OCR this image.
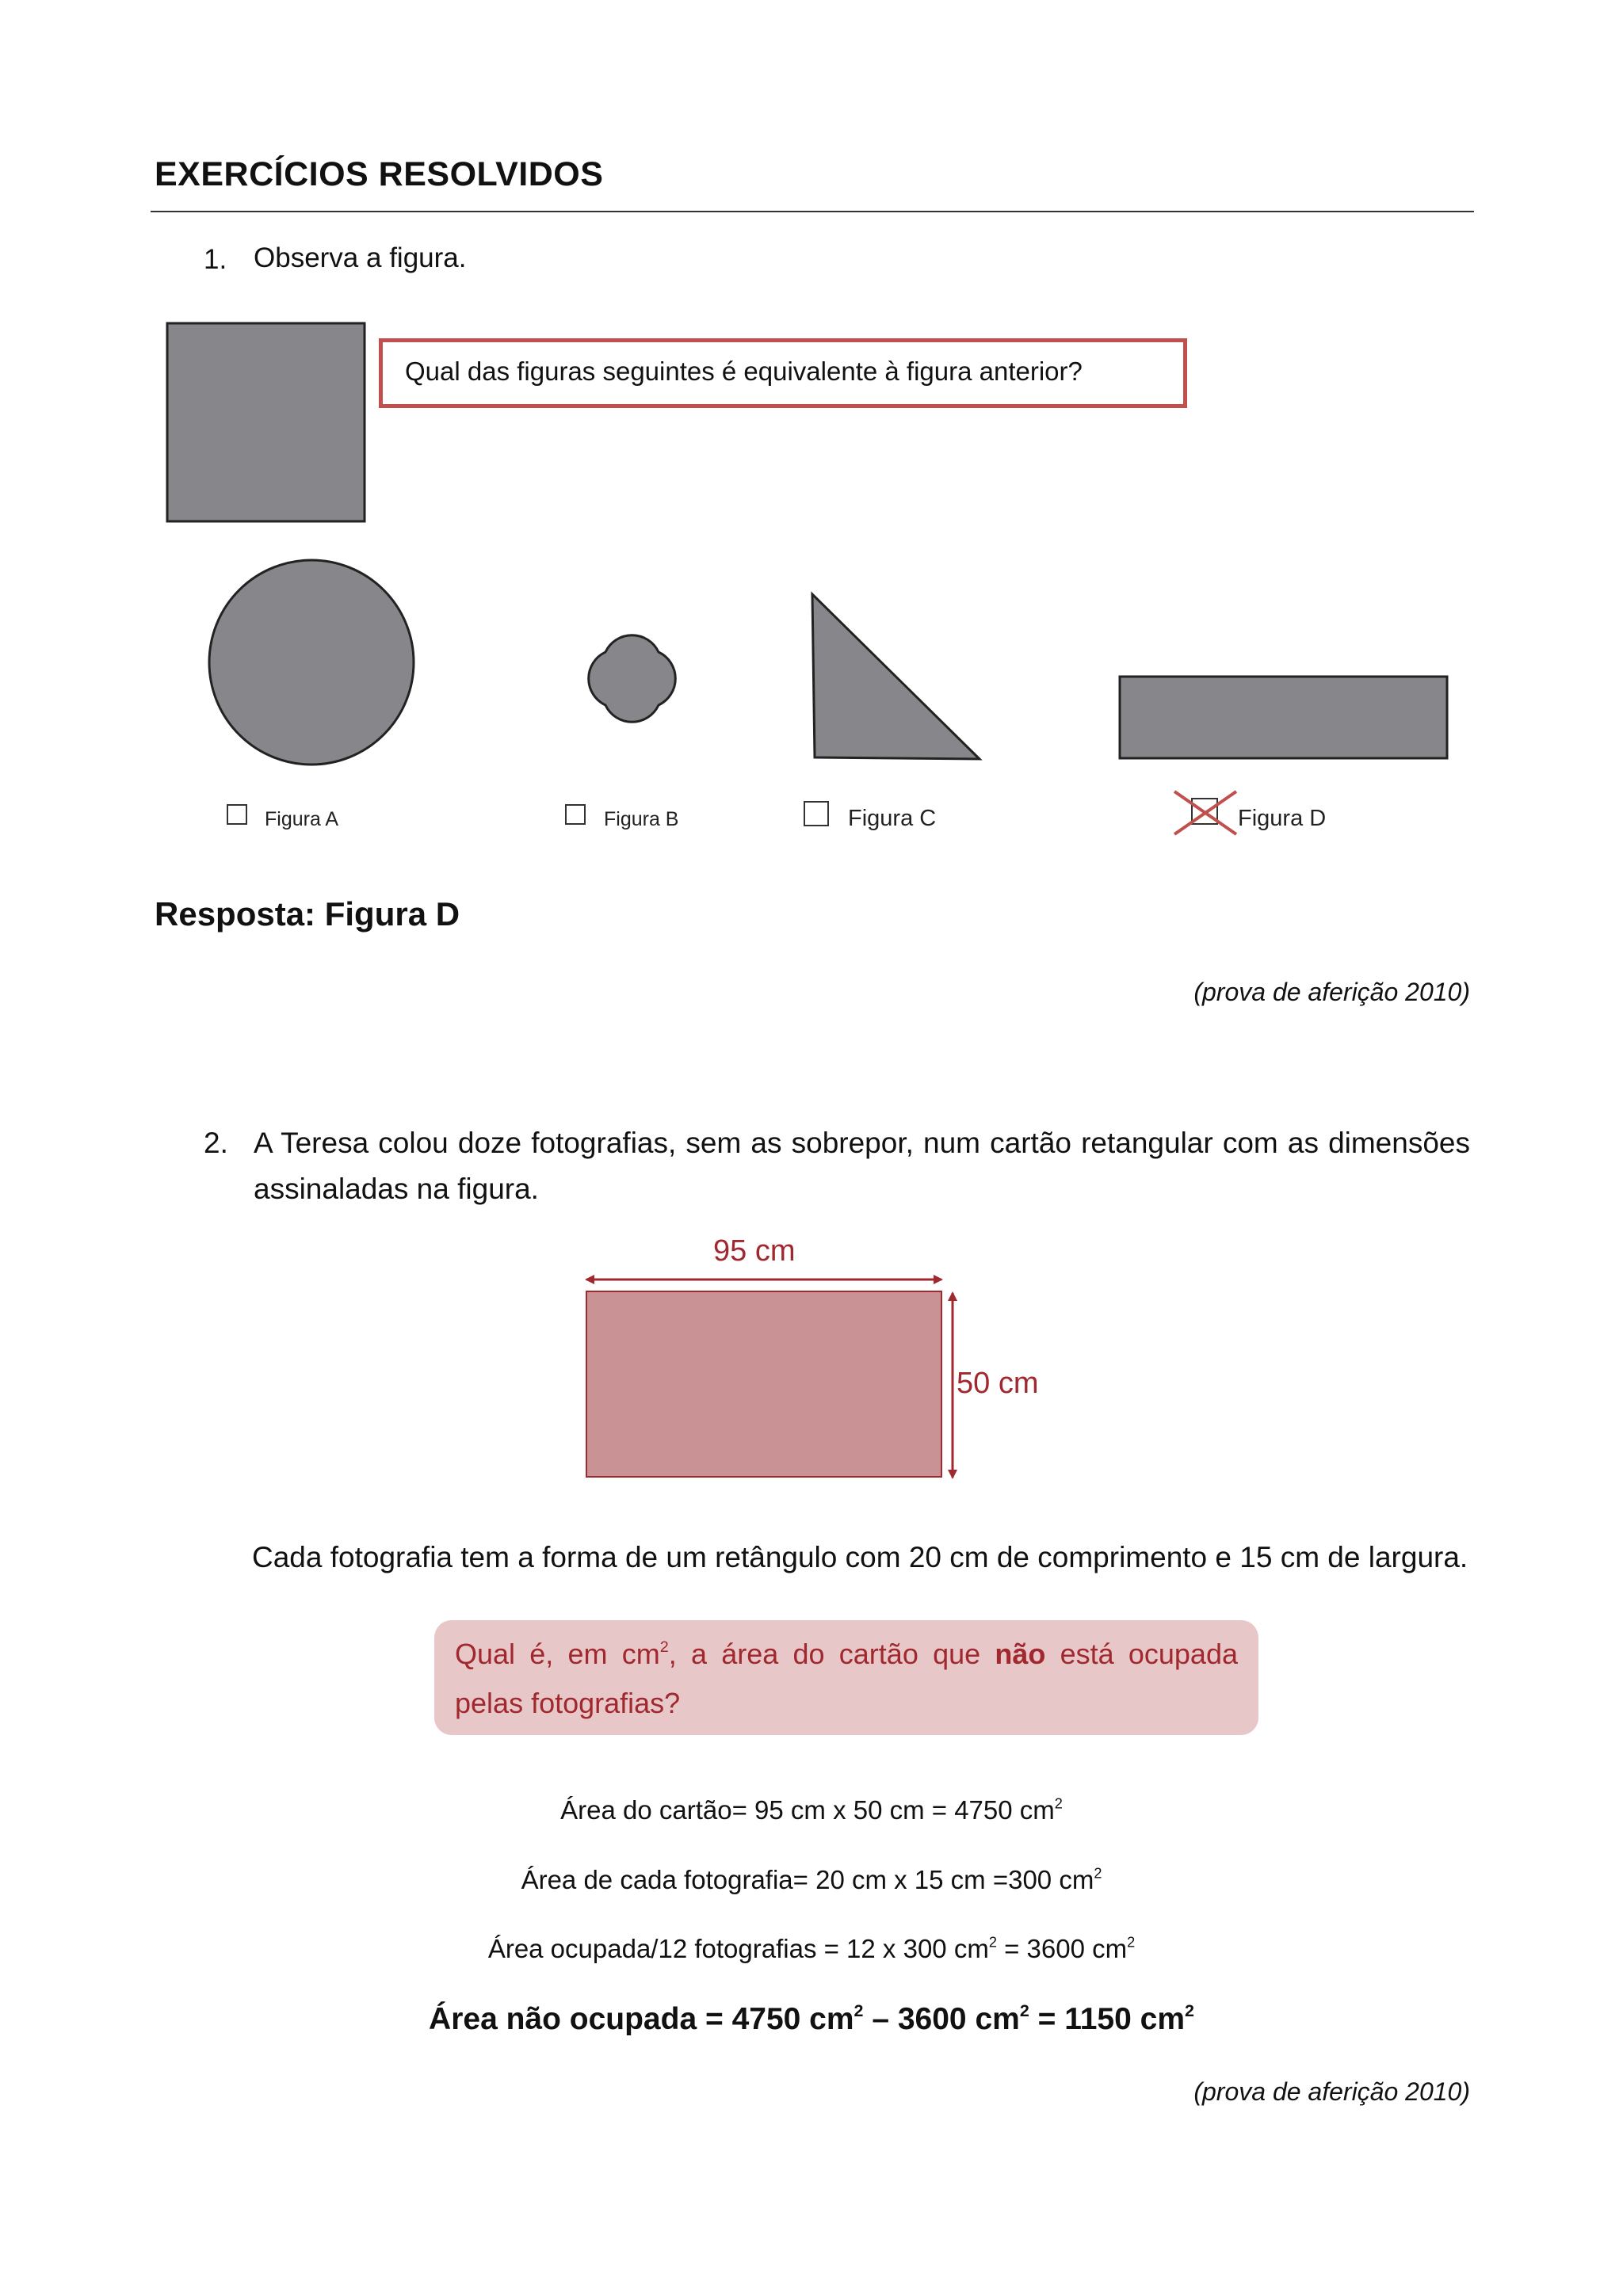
EXERCÍCIOS RESOLVIDOS
1. Observa a figura.
Qual das figuras seguintes é equivalente à figura anterior?
Figura A	Figura B	Figura C	Figura D
Resposta: Figura D
(prova de aferição 2010)
2. A Teresa colou doze fotografias, sem as sobrepor, num cartão retangular com as dimensões assinaladas na figura.
95 cm
50 cm
Cada fotografia tem a forma de um retângulo com 20 cm de comprimento e 15 cm de largura.
Qual é, em $cm^2$, a área do cartão que não está ocupada
pelas fotografias?
Área do cartão= 95 cm x 50 cm = 4750 $cm^2$
Área de cada fotografia= 20 cm x 15 cm =300 $cm^2$
Área ocupada/12 fotografias = 12 x 300 $cm^2 = 3600$ $cm^2$
Área não ocupada = 4750 $cm^2 - 3600$ $cm^2 = 1150$ $cm^2$
(prova de aferição 2010)
